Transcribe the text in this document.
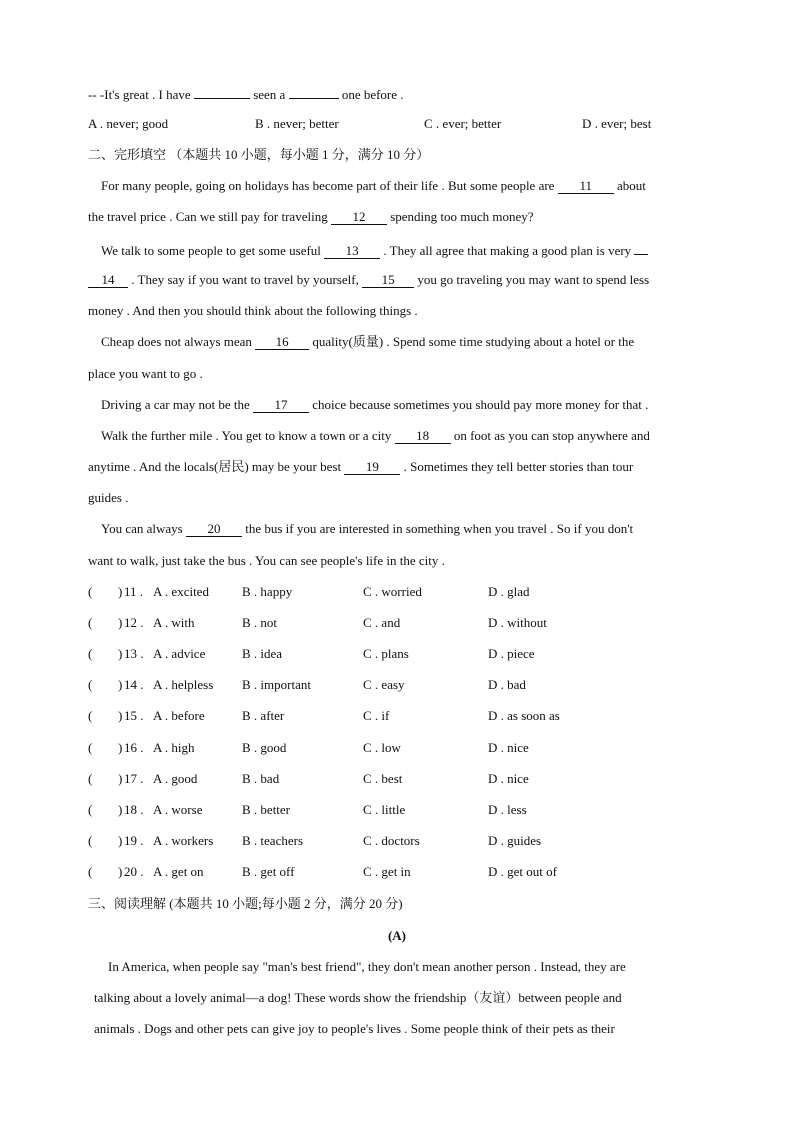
-- -It's great . I have	seen a	one before .
A . never; good	B . never; better	C . ever; better	D . ever; best
二、完形填空 （本题共 10 小题，每小题 1 分，满分 10 分）
For many people, going on holidays has become part of their life . But some people are 11 about
the travel price . Can we still pay for traveling 12 spending too much money?
We talk to some people to get some useful 13 . They all agree that making a good plan is very
14 . They say if you want to travel by yourself, 15 you go traveling you may want to spend less
money . And then you should think about the following things .
Cheap does not always mean 16 quality(质量) . Spend some time studying about a hotel or the
place you want to go .
Driving a car may not be the 17 choice because sometimes you should pay more money for that .
Walk the further mile . You get to know a town or a city 18 on foot as you can stop anywhere and
anytime . And the locals(居民) may be your best 19 . Sometimes they tell better stories than tour
guides .
You can always 20 the bus if you are interested in something when you travel . So if you don't
want to walk, just take the bus . You can see people's life in the city .
( ) 11 . A . excited	B . happy	C . worried	D . glad
( ) 12 . A . with	B . not	C . and	D . without
( ) 13 . A . advice	B . idea	C . plans	D . piece
( ) 14 . A . helpless B . important	C . easy	D . bad
( ) 15 . A . before	B . after	C . if	D . as soon as
( ) 16 . A . high	B . good	C . low	D . nice
( ) 17 . A . good	B . bad	C . best	D . nice
( ) 18 . A . worse	B . better	C . little	D . less
( ) 19 . A . workers B . teachers	C . doctors	D . guides
( ) 20 . A . get on	B . get off	C . get in	D . get out of
三、阅读理解 (本题共 10 小题;每小题 2 分，满分 20 分)
(A)
In America, when people say "man's best friend", they don't mean another person . Instead, they are
talking about a lovely animal—a dog! These words show the friendship（友谊）between people and
animals . Dogs and other pets can give joy to people's lives . Some people think of their pets as their
